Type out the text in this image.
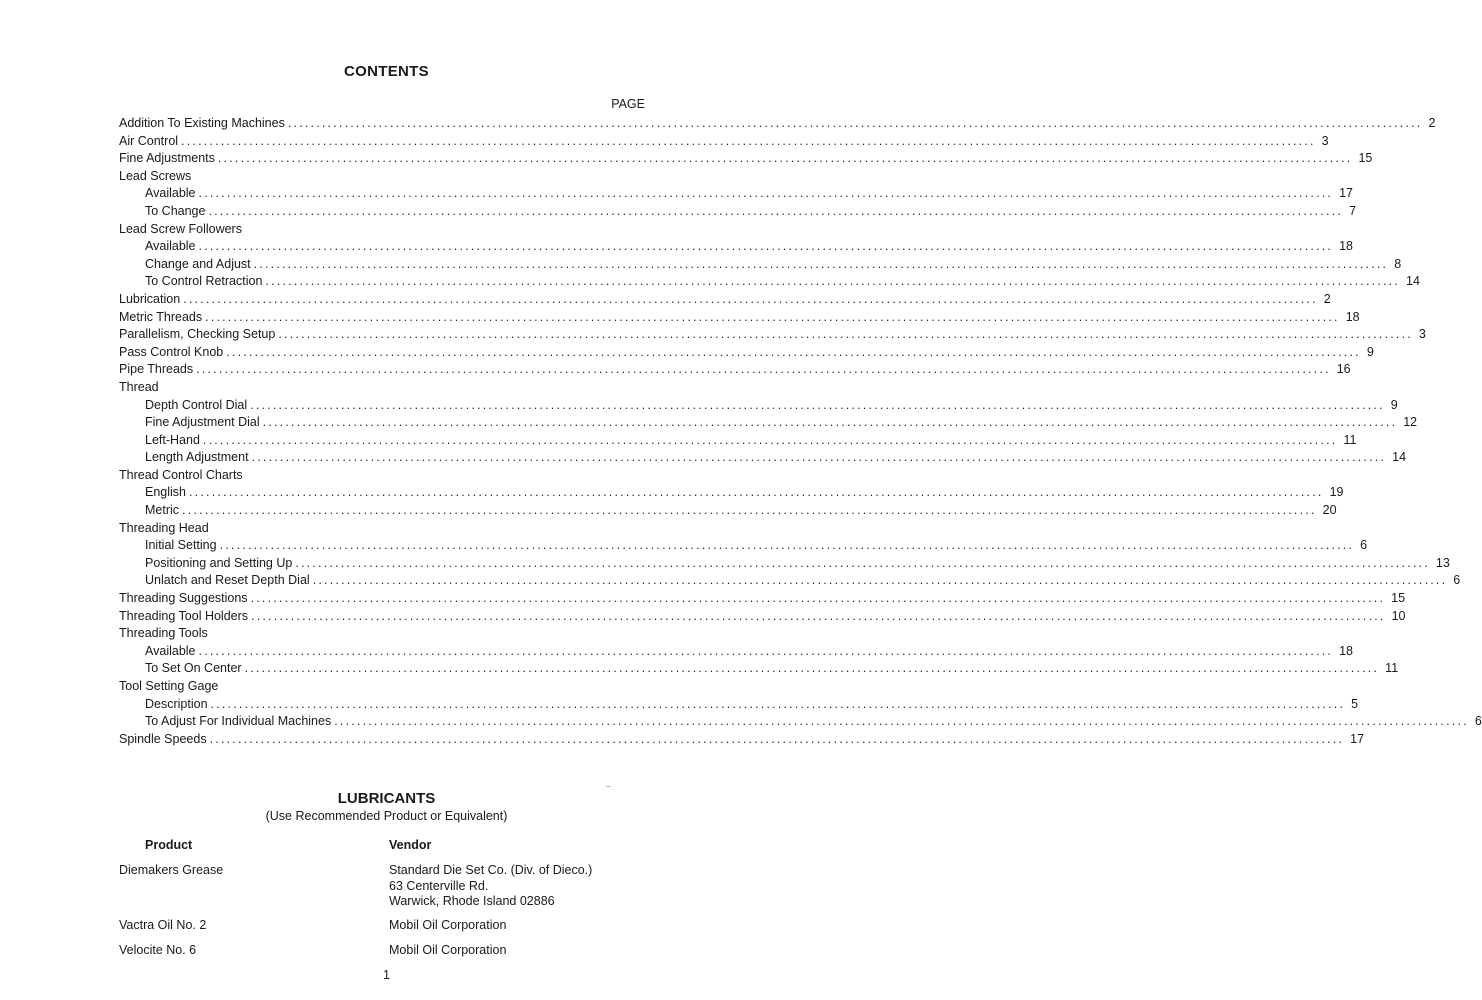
CONTENTS
PAGE
Addition To Existing Machines ........................................................................................................................................................................................................ 2
Air Control ........................................................................................................................................................................................................ 3
Fine Adjustments ........................................................................................................................................................................................................ 15
Lead Screws
Available ........................................................................................................................................................................................................ 17
To Change ........................................................................................................................................................................................................ 7
Lead Screw Followers
Available ........................................................................................................................................................................................................ 18
Change and Adjust ........................................................................................................................................................................................................ 8
To Control Retraction ........................................................................................................................................................................................................ 14
Lubrication ........................................................................................................................................................................................................ 2
Metric Threads ........................................................................................................................................................................................................ 18
Parallelism, Checking Setup ........................................................................................................................................................................................................ 3
Pass Control Knob ........................................................................................................................................................................................................ 9
Pipe Threads ........................................................................................................................................................................................................ 16
Thread
Depth Control Dial ........................................................................................................................................................................................................ 9
Fine Adjustment Dial ........................................................................................................................................................................................................ 12
Left-Hand ........................................................................................................................................................................................................ 11
Length Adjustment ........................................................................................................................................................................................................ 14
Thread Control Charts
English ........................................................................................................................................................................................................ 19
Metric ........................................................................................................................................................................................................ 20
Threading Head
Initial Setting ........................................................................................................................................................................................................ 6
Positioning and Setting Up ........................................................................................................................................................................................................ 13
Unlatch and Reset Depth Dial ........................................................................................................................................................................................................ 6
Threading Suggestions ........................................................................................................................................................................................................ 15
Threading Tool Holders ........................................................................................................................................................................................................ 10
Threading Tools
Available ........................................................................................................................................................................................................ 18
To Set On Center ........................................................................................................................................................................................................ 11
Tool Setting Gage
Description ........................................................................................................................................................................................................ 5
To Adjust For Individual Machines ........................................................................................................................................................................................................ 6
Spindle Speeds ........................................................................................................................................................................................................ 17
LUBRICANTS
(Use Recommended Product or Equivalent)
Product	Vendor
Diemakers Grease	Standard Die Set Co. (Div. of Dieco.)
63 Centerville Rd.
Warwick, Rhode Island 02886
Vactra Oil No. 2	Mobil Oil Corporation
Velocite No. 6	Mobil Oil Corporation
1
